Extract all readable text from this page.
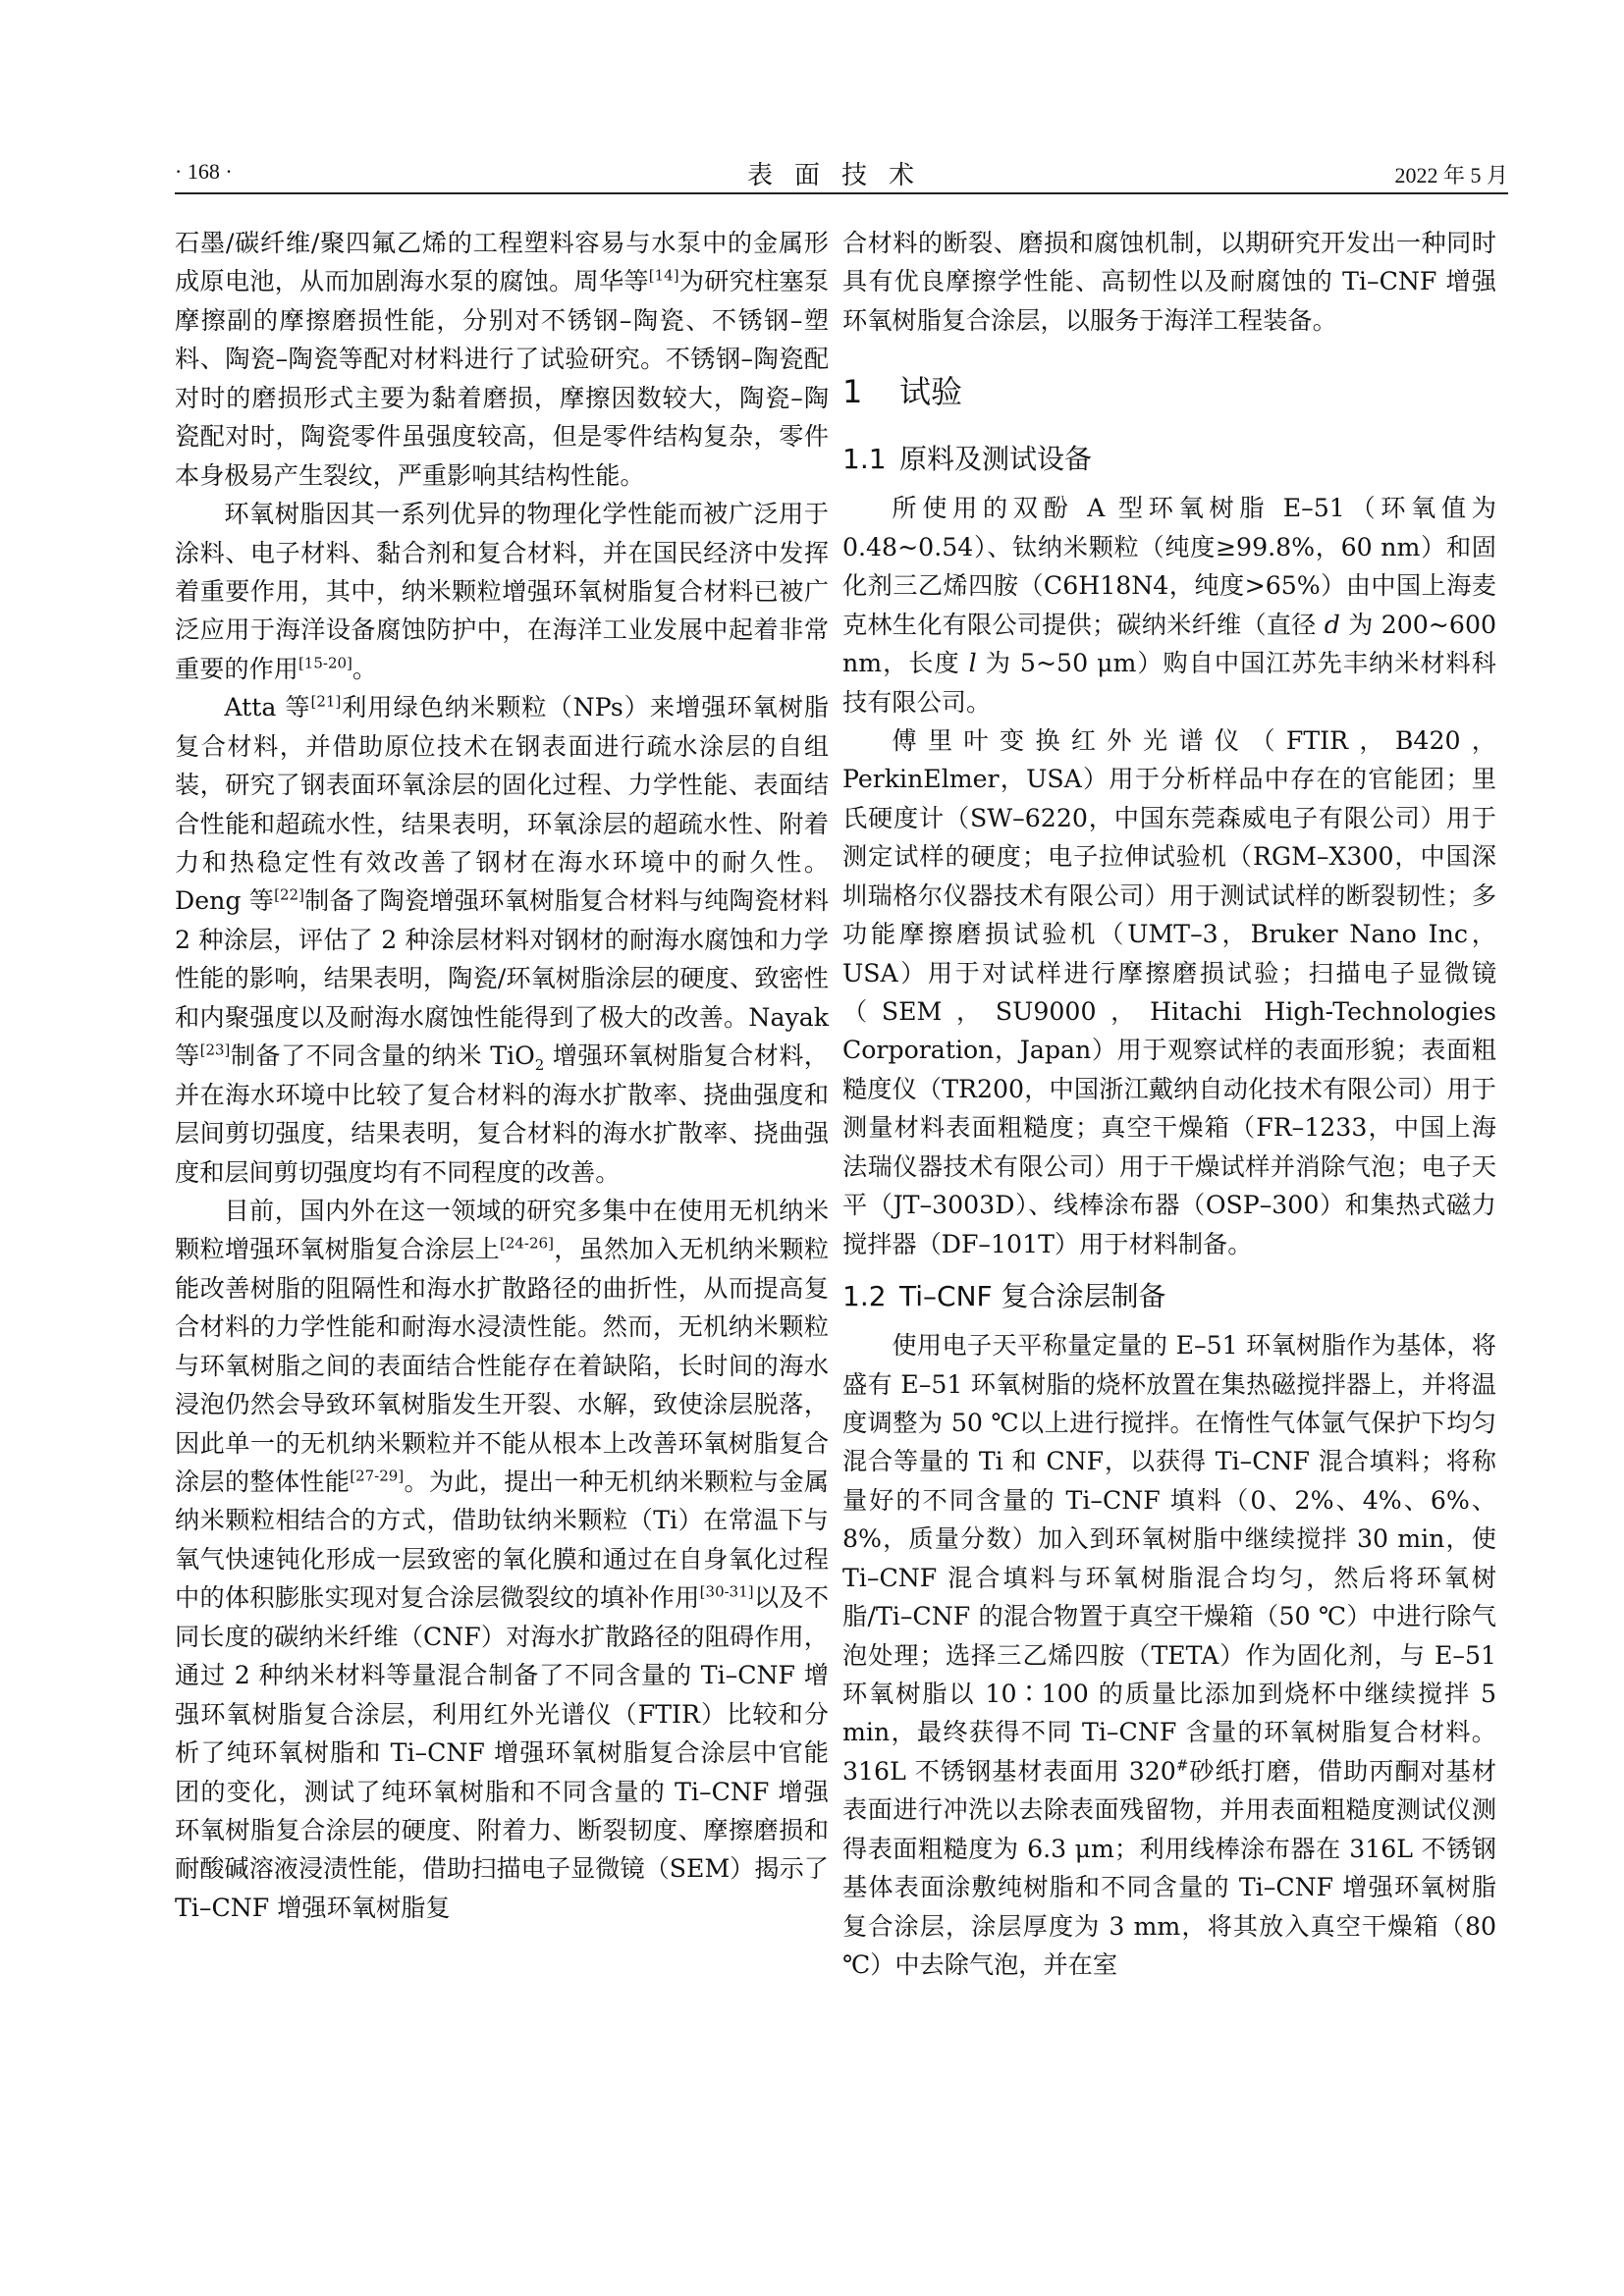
· 168 ·	表面技术	2022 年 5 月

石墨/碳纤维/聚四氟乙烯的工程塑料容易与水泵中的金属形成原电池，从而加剧海水泵的腐蚀。周华等[14]为研究柱塞泵摩擦副的摩擦磨损性能，分别对不锈钢–陶瓷、不锈钢–塑料、陶瓷–陶瓷等配对材料进行了试验研究。不锈钢–陶瓷配对时的磨损形式主要为黏着磨损，摩擦因数较大，陶瓷–陶瓷配对时，陶瓷零件虽强度较高，但是零件结构复杂，零件本身极易产生裂纹，严重影响其结构性能。

环氧树脂因其一系列优异的物理化学性能而被广泛用于涂料、电子材料、黏合剂和复合材料，并在国民经济中发挥着重要作用，其中，纳米颗粒增强环氧树脂复合材料已被广泛应用于海洋设备腐蚀防护中，在海洋工业发展中起着非常重要的作用[15-20]。

Atta 等[21]利用绿色纳米颗粒（NPs）来增强环氧树脂复合材料，并借助原位技术在钢表面进行疏水涂层的自组装，研究了钢表面环氧涂层的固化过程、力学性能、表面结合性能和超疏水性，结果表明，环氧涂层的超疏水性、附着力和热稳定性有效改善了钢材在海水环境中的耐久性。Deng 等[22]制备了陶瓷增强环氧树脂复合材料与纯陶瓷材料 2 种涂层，评估了 2 种涂层材料对钢材的耐海水腐蚀和力学性能的影响，结果表明，陶瓷/环氧树脂涂层的硬度、致密性和内聚强度以及耐海水腐蚀性能得到了极大的改善。Nayak 等[23]制备了不同含量的纳米 TiO$_2$ 增强环氧树脂复合材料，并在海水环境中比较了复合材料的海水扩散率、挠曲强度和层间剪切强度，结果表明，复合材料的海水扩散率、挠曲强度和层间剪切强度均有不同程度的改善。

目前，国内外在这一领域的研究多集中在使用无机纳米颗粒增强环氧树脂复合涂层上[24-26]，虽然加入无机纳米颗粒能改善树脂的阻隔性和海水扩散路径的曲折性，从而提高复合材料的力学性能和耐海水浸渍性能。然而，无机纳米颗粒与环氧树脂之间的表面结合性能存在着缺陷，长时间的海水浸泡仍然会导致环氧树脂发生开裂、水解，致使涂层脱落，因此单一的无机纳米颗粒并不能从根本上改善环氧树脂复合涂层的整体性能[27-29]。为此，提出一种无机纳米颗粒与金属纳米颗粒相结合的方式，借助钛纳米颗粒（Ti）在常温下与氧气快速钝化形成一层致密的氧化膜和通过在自身氧化过程中的体积膨胀实现对复合涂层微裂纹的填补作用[30-31]以及不同长度的碳纳米纤维（CNF）对海水扩散路径的阻碍作用，通过 2 种纳米材料等量混合制备了不同含量的 Ti–CNF 增强环氧树脂复合涂层，利用红外光谱仪（FTIR）比较和分析了纯环氧树脂和 Ti–CNF 增强环氧树脂复合涂层中官能团的变化，测试了纯环氧树脂和不同含量的 Ti–CNF 增强环氧树脂复合涂层的硬度、附着力、断裂韧度、摩擦磨损和耐酸碱溶液浸渍性能，借助扫描电子显微镜（SEM）揭示了 Ti–CNF 增强环氧树脂复

合材料的断裂、磨损和腐蚀机制，以期研究开发出一种同时具有优良摩擦学性能、高韧性以及耐腐蚀的 Ti–CNF 增强环氧树脂复合涂层，以服务于海洋工程装备。

1 试验
1.1 原料及测试设备

所使用的双酚 A 型环氧树脂 E–51（环氧值为 0.48~0.54）、钛纳米颗粒（纯度≥99.8%，60 nm）和固化剂三乙烯四胺（C6H18N4，纯度>65%）由中国上海麦克林生化有限公司提供；碳纳米纤维（直径 d 为 200~600 nm，长度 l 为 5~50 μm）购自中国江苏先丰纳米材料科技有限公司。

傅里叶变换红外光谱仪（FTIR，B420，PerkinElmer，USA）用于分析样品中存在的官能团；里氏硬度计（SW–6220，中国东莞森威电子有限公司）用于测定试样的硬度；电子拉伸试验机（RGM–X300，中国深圳瑞格尔仪器技术有限公司）用于测试试样的断裂韧性；多功能摩擦磨损试验机（UMT–3，Bruker Nano Inc，USA）用于对试样进行摩擦磨损试验；扫描电子显微镜（SEM，SU9000，Hitachi High-Technologies Corporation，Japan）用于观察试样的表面形貌；表面粗糙度仪（TR200，中国浙江戴纳自动化技术有限公司）用于测量材料表面粗糙度；真空干燥箱（FR–1233，中国上海法瑞仪器技术有限公司）用于干燥试样并消除气泡；电子天平（JT–3003D）、线棒涂布器（OSP–300）和集热式磁力搅拌器（DF–101T）用于材料制备。

1.2 Ti–CNF 复合涂层制备

使用电子天平称量定量的 E–51 环氧树脂作为基体，将盛有 E–51 环氧树脂的烧杯放置在集热磁搅拌器上，并将温度调整为 50 ℃以上进行搅拌。在惰性气体氩气保护下均匀混合等量的 Ti 和 CNF，以获得 Ti–CNF 混合填料；将称量好的不同含量的 Ti–CNF 填料（0、2%、4%、6%、8%，质量分数）加入到环氧树脂中继续搅拌 30 min，使 Ti–CNF 混合填料与环氧树脂混合均匀，然后将环氧树脂/Ti–CNF 的混合物置于真空干燥箱（50 ℃）中进行除气泡处理；选择三乙烯四胺（TETA）作为固化剂，与 E–51 环氧树脂以 10∶100 的质量比添加到烧杯中继续搅拌 5 min，最终获得不同 Ti–CNF 含量的环氧树脂复合材料。316L 不锈钢基材表面用 320#砂纸打磨，借助丙酮对基材表面进行冲洗以去除表面残留物，并用表面粗糙度测试仪测得表面粗糙度为 6.3 μm；利用线棒涂布器在 316L 不锈钢基体表面涂敷纯树脂和不同含量的 Ti–CNF 增强环氧树脂复合涂层，涂层厚度为 3 mm，将其放入真空干燥箱（80 ℃）中去除气泡，并在室
